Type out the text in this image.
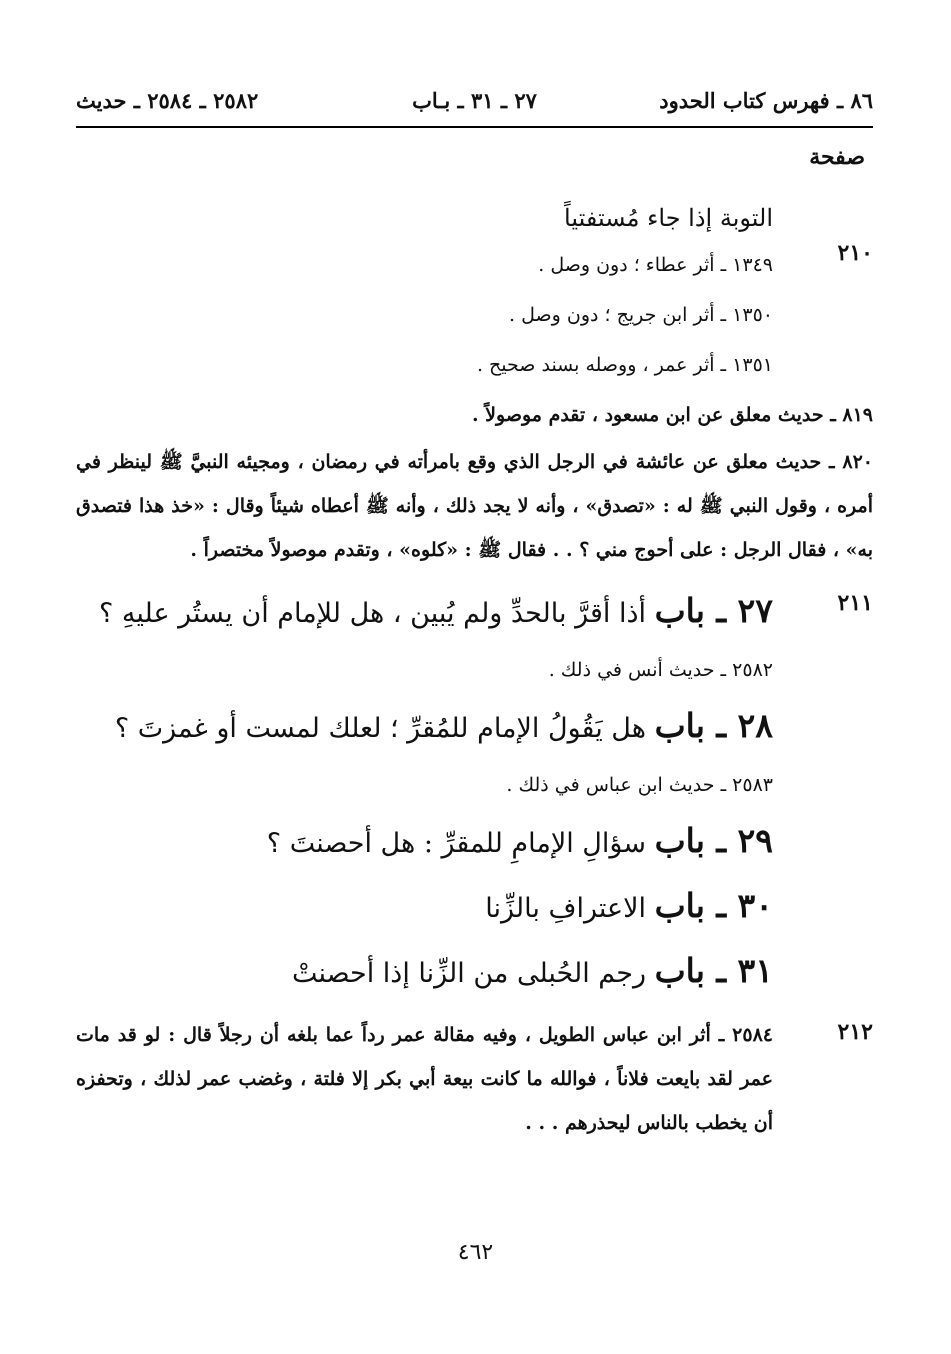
٨٦ ـ فهرس كتاب الحدود
٢٧ ـ ٣١ ـ بـاب
٢٥٨٢ ـ ٢٥٨٤ ـ حديث
صفحة

التوبة إذا جاء مُستفتياً

٢١٠

١٣٤٩ ـ أثر عطاء ؛ دون وصل .

١٣٥٠ ـ أثر ابن جريج ؛ دون وصل .

١٣٥١ ـ أثر عمر ، ووصله بسند صحيح .

٨١٩ ـ حديث معلق عن ابن مسعود ، تقدم موصولاً .

٨٢٠ ـ حديث معلق عن عائشة في الرجل الذي وقع بامرأته في رمضان ، ومجيئه النبيَّ ﷺ لينظر في أمره ، وقول النبي ﷺ له : «تصدق» ، وأنه لا يجد ذلك ، وأنه ﷺ أعطاه شيئاً وقال : «خذ هذا فتصدق به» ، فقال الرجل : على أحوج مني ؟ . . فقال ﷺ : «كلوه» ، وتقدم موصولاً مختصراً .

٢١١

٢٧ ـ باب أذا أقرَّ بالحدِّ ولم يُبين ، هل للإمام أن يستُر عليهِ ؟

٢٥٨٢ ـ حديث أنس في ذلك .

٢٨ ـ باب هل يَقُولُ الإمام للمُقرِّ ؛ لعلك لمست أو غمزتَ ؟

٢٥٨٣ ـ حديث ابن عباس في ذلك .

٢٩ ـ باب سؤالِ الإمامِ للمقرِّ : هل أحصنتَ ؟

٣٠ ـ باب الاعترافِ بالزِّنا

٣١ ـ باب رجم الحُبلى من الزِّنا إذا أحصنتْ

٢١٢

٢٥٨٤ ـ أثر ابن عباس الطويل ، وفيه مقالة عمر رداً عما بلغه أن رجلاً قال : لو قد مات عمر لقد بايعت فلاناً ، فوالله ما كانت بيعة أبي بكر إلا فلتة ، وغضب عمر لذلك ، وتحفزه أن يخطب بالناس ليحذرهم . . .

٤٦٢
